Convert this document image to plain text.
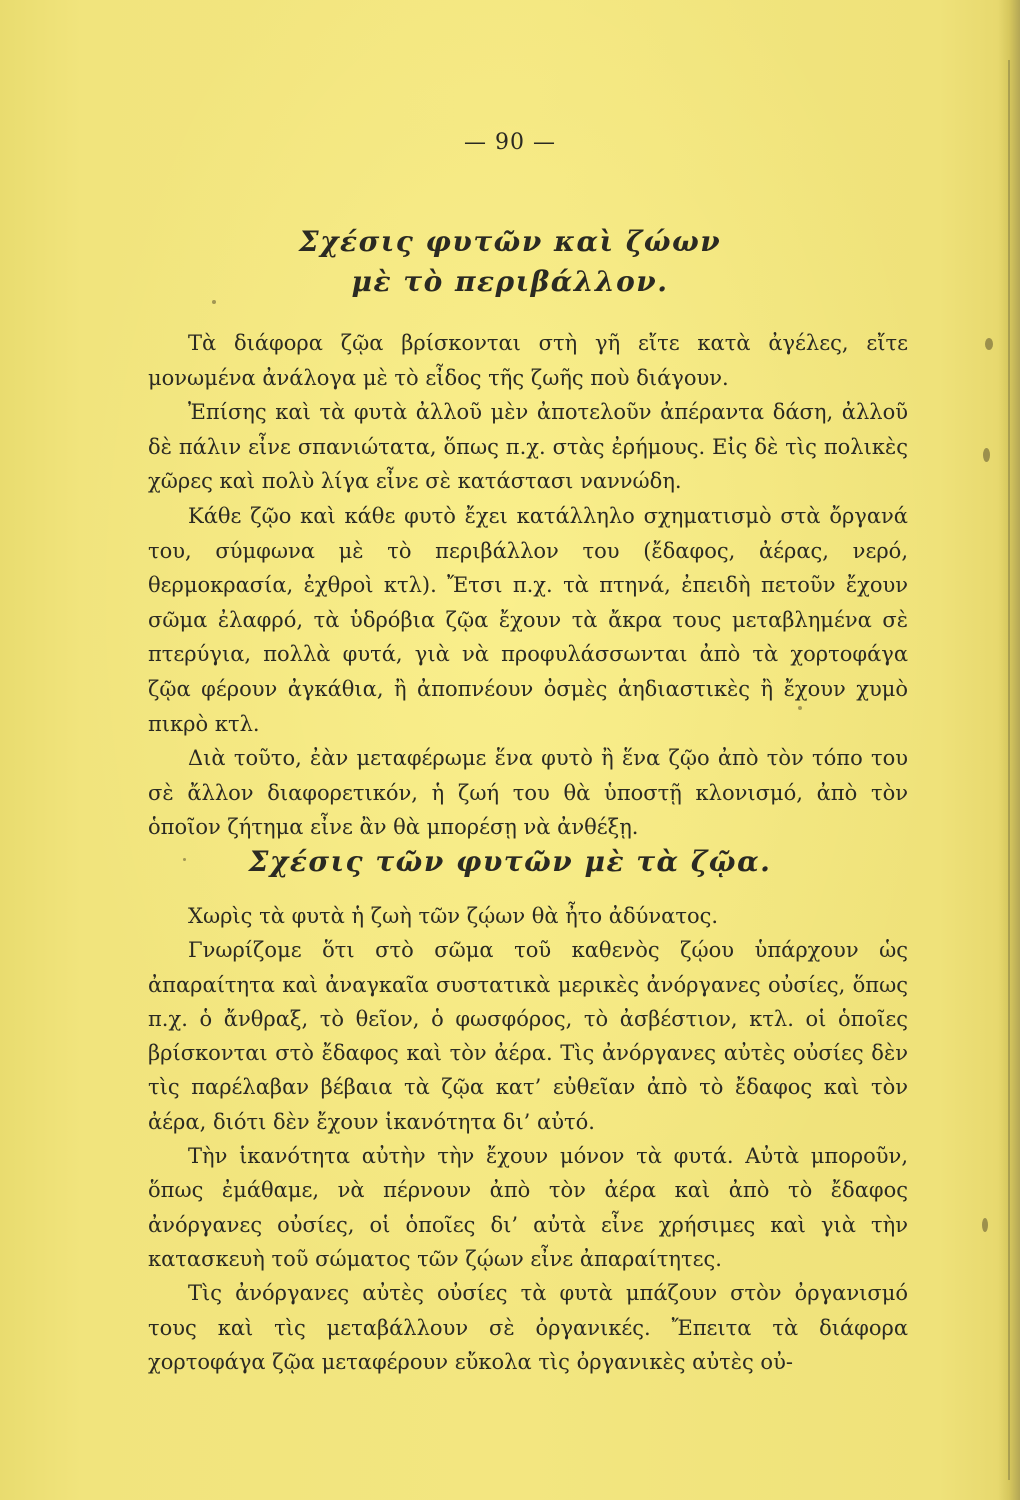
— 90 —
Σχέσις φυτῶν καὶ ζώων
μὲ τὸ περιβάλλον.

Τὰ διάφορα ζῷα βρίσκονται στὴ γῆ εἴτε κατὰ ἀγέλες, εἴτε μονωμένα ἀνάλογα μὲ τὸ εἶδος τῆς ζωῆς ποὺ διάγουν.

Ἐπίσης καὶ τὰ φυτὰ ἀλλοῦ μὲν ἀποτελοῦν ἀπέραντα δάση, ἀλλοῦ δὲ πάλιν εἶνε σπανιώτατα, ὅπως π.χ. στὰς ἐρήμους. Εἰς δὲ τὶς πολικὲς χῶρες καὶ πολὺ λίγα εἶνε σὲ κατάστασι ναννώδη.

Κάθε ζῷο καὶ κάθε φυτὸ ἔχει κατάλληλο σχηματισμὸ στὰ ὄργανά του, σύμφωνα μὲ τὸ περιβάλλον του (ἔδαφος, ἀέρας, νερό, θερμοκρασία, ἐχθροὶ κτλ). Ἔτσι π.χ. τὰ πτηνά, ἐπειδὴ πετοῦν ἔχουν σῶμα ἐλαφρό, τὰ ὑδρόβια ζῷα ἔχουν τὰ ἄκρα τους μεταβλημένα σὲ πτερύγια, πολλὰ φυτά, γιὰ νὰ προφυλάσσωνται ἀπὸ τὰ χορτοφάγα ζῷα φέρουν ἀγκάθια, ἢ ἀποπνέουν ὀσμὲς ἀηδιαστικὲς ἢ ἔχουν χυμὸ πικρὸ κτλ.

Διὰ τοῦτο, ἐὰν μεταφέρωμε ἕνα φυτὸ ἢ ἕνα ζῷο ἀπὸ τὸν τόπο του σὲ ἄλλον διαφορετικόν, ἡ ζωή του θὰ ὑποστῇ κλονισμό, ἀπὸ τὸν ὁποῖον ζήτημα εἶνε ἂν θὰ μπορέσῃ νὰ ἀνθέξῃ.

Σχέσις τῶν φυτῶν μὲ τὰ ζῷα.

Χωρὶς τὰ φυτὰ ἡ ζωὴ τῶν ζῴων θὰ ἦτο ἀδύνατος.

Γνωρίζομε ὅτι στὸ σῶμα τοῦ καθενὸς ζῴου ὑπάρχουν ὡς ἀπαραίτητα καὶ ἀναγκαῖα συστατικὰ μερικὲς ἀνόργανες οὐσίες, ὅπως π.χ. ὁ ἄνθραξ, τὸ θεῖον, ὁ φωσφόρος, τὸ ἀσβέστιον, κτλ. οἱ ὁποῖες βρίσκονται στὸ ἔδαφος καὶ τὸν ἀέρα. Τὶς ἀνόργανες αὐτὲς οὐσίες δὲν τὶς παρέλαβαν βέβαια τὰ ζῷα κατ’ εὐθεῖαν ἀπὸ τὸ ἔδαφος καὶ τὸν ἀέρα, διότι δὲν ἔχουν ἱκανότητα δι’ αὐτό.

Τὴν ἱκανότητα αὐτὴν τὴν ἔχουν μόνον τὰ φυτά. Αὐτὰ μποροῦν, ὅπως ἐμάθαμε, νὰ πέρνουν ἀπὸ τὸν ἀέρα καὶ ἀπὸ τὸ ἔδαφος ἀνόργανες οὐσίες, οἱ ὁποῖες δι’ αὐτὰ εἶνε χρήσιμες καὶ γιὰ τὴν κατασκευὴ τοῦ σώματος τῶν ζῴων εἶνε ἀπαραίτητες.

Τὶς ἀνόργανες αὐτὲς οὐσίες τὰ φυτὰ μπάζουν στὸν ὀργανισμό τους καὶ τὶς μεταβάλλουν σὲ ὀργανικές. Ἔπειτα τὰ διάφορα χορτοφάγα ζῷα μεταφέρουν εὔκολα τὶς ὀργανικὲς αὐτὲς οὐ-
